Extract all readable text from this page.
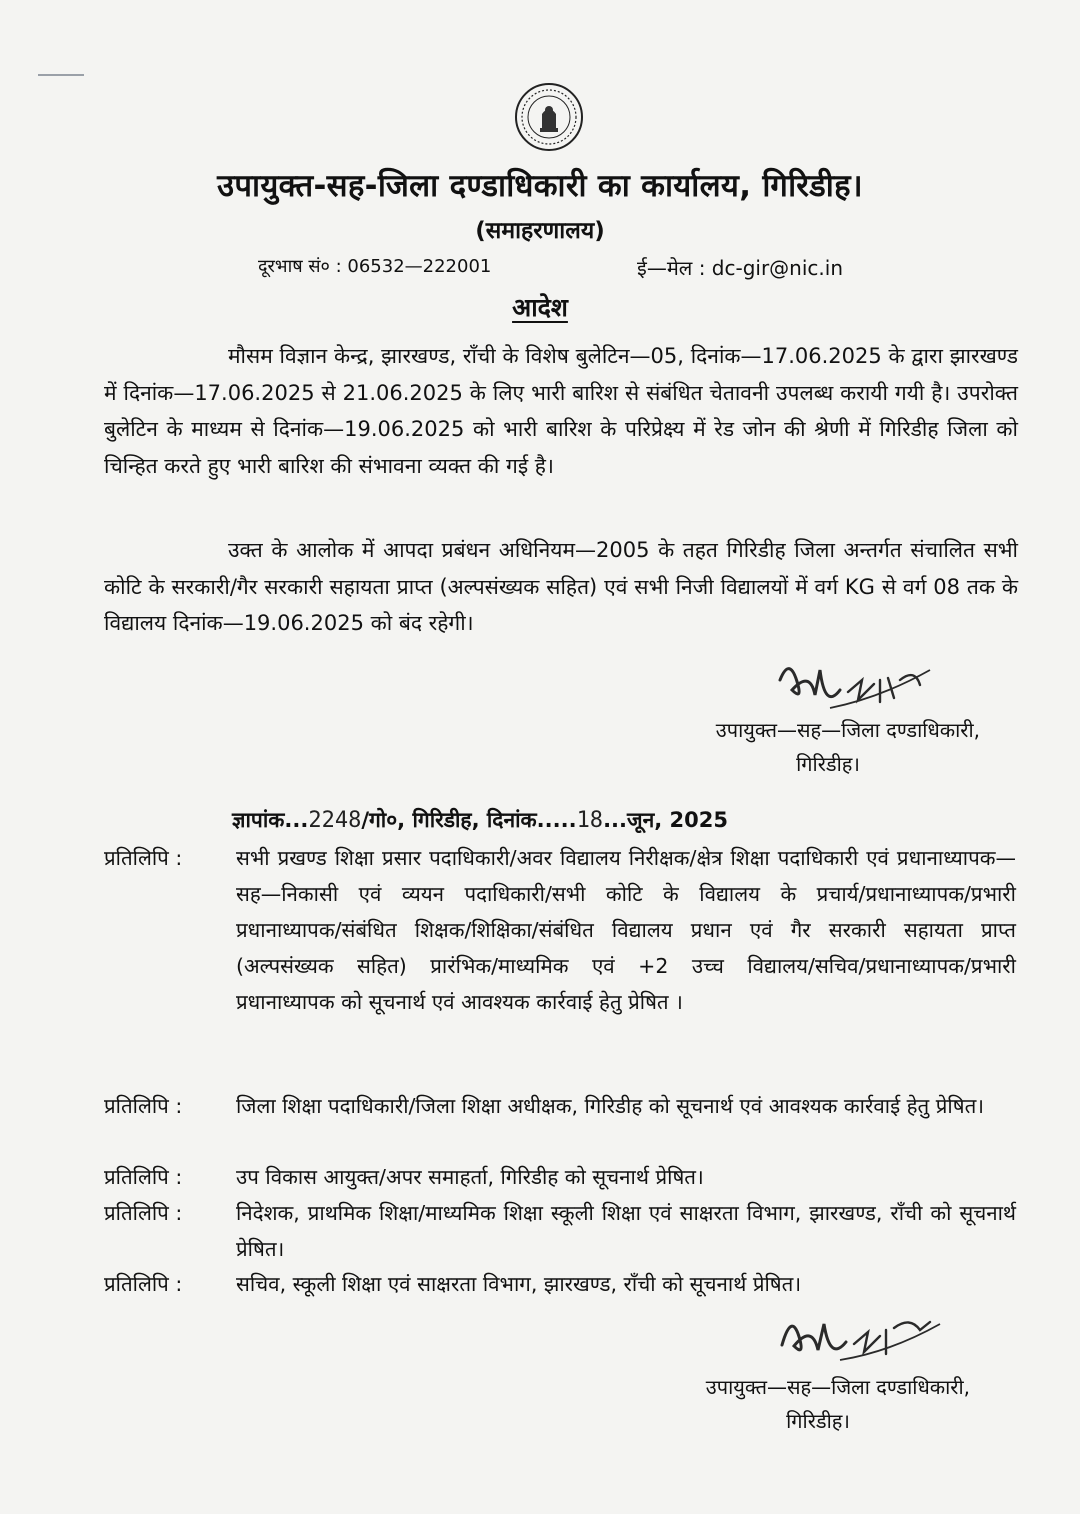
उपायुक्त-सह-जिला दण्डाधिकारी का कार्यालय, गिरिडीह।
(समाहरणालय)
दूरभाष सं० : 06532—222001	ई—मेल : dc-gir@nic.in
आदेश

मौसम विज्ञान केन्द्र, झारखण्ड, राँची के विशेष बुलेटिन—05, दिनांक—17.06.2025 के द्वारा झारखण्ड में दिनांक—17.06.2025 से 21.06.2025 के लिए भारी बारिश से संबंधित चेतावनी उपलब्ध करायी गयी है। उपरोक्त बुलेटिन के माध्यम से दिनांक—19.06.2025 को भारी बारिश के परिप्रेक्ष्य में रेड जोन की श्रेणी में गिरिडीह जिला को चिन्हित करते हुए भारी बारिश की संभावना व्यक्त की गई है।

उक्त के आलोक में आपदा प्रबंधन अधिनियम—2005 के तहत गिरिडीह जिला अन्तर्गत संचालित सभी कोटि के सरकारी/गैर सरकारी सहायता प्राप्त (अल्पसंख्यक सहित) एवं सभी निजी विद्यालयों में वर्ग KG से वर्ग 08 तक के विद्यालय दिनांक—19.06.2025 को बंद रहेगी।

उपायुक्त—सह—जिला दण्डाधिकारी,
गिरिडीह।
ज्ञापांक...2248/गो०, गिरिडीह, दिनांक.....18...जून, 2025
प्रतिलिपि :	सभी प्रखण्ड शिक्षा प्रसार पदाधिकारी/अवर विद्यालय निरीक्षक/क्षेत्र शिक्षा पदाधिकारी एवं प्रधानाध्यापक—सह—निकासी एवं व्ययन पदाधिकारी/सभी कोटि के विद्यालय के प्रचार्य/प्रधानाध्यापक/प्रभारी प्रधानाध्यापक/संबंधित शिक्षक/शिक्षिका/संबंधित विद्यालय प्रधान एवं गैर सरकारी सहायता प्राप्त (अल्पसंख्यक सहित) प्रारंभिक/माध्यमिक एवं +2 उच्च विद्यालय/सचिव/प्रधानाध्यापक/प्रभारी प्रधानाध्यापक को सूचनार्थ एवं आवश्यक कार्रवाई हेतु प्रेषित ।
प्रतिलिपि :	जिला शिक्षा पदाधिकारी/जिला शिक्षा अधीक्षक, गिरिडीह को सूचनार्थ एवं आवश्यक कार्रवाई हेतु प्रेषित।
प्रतिलिपि :	उप विकास आयुक्त/अपर समाहर्ता, गिरिडीह को सूचनार्थ प्रेषित।
प्रतिलिपि :	निदेशक, प्राथमिक शिक्षा/माध्यमिक शिक्षा स्कूली शिक्षा एवं साक्षरता विभाग, झारखण्ड, राँची को सूचनार्थ प्रेषित।
प्रतिलिपि :	सचिव, स्कूली शिक्षा एवं साक्षरता विभाग, झारखण्ड, राँची को सूचनार्थ प्रेषित।
उपायुक्त—सह—जिला दण्डाधिकारी,
गिरिडीह।
